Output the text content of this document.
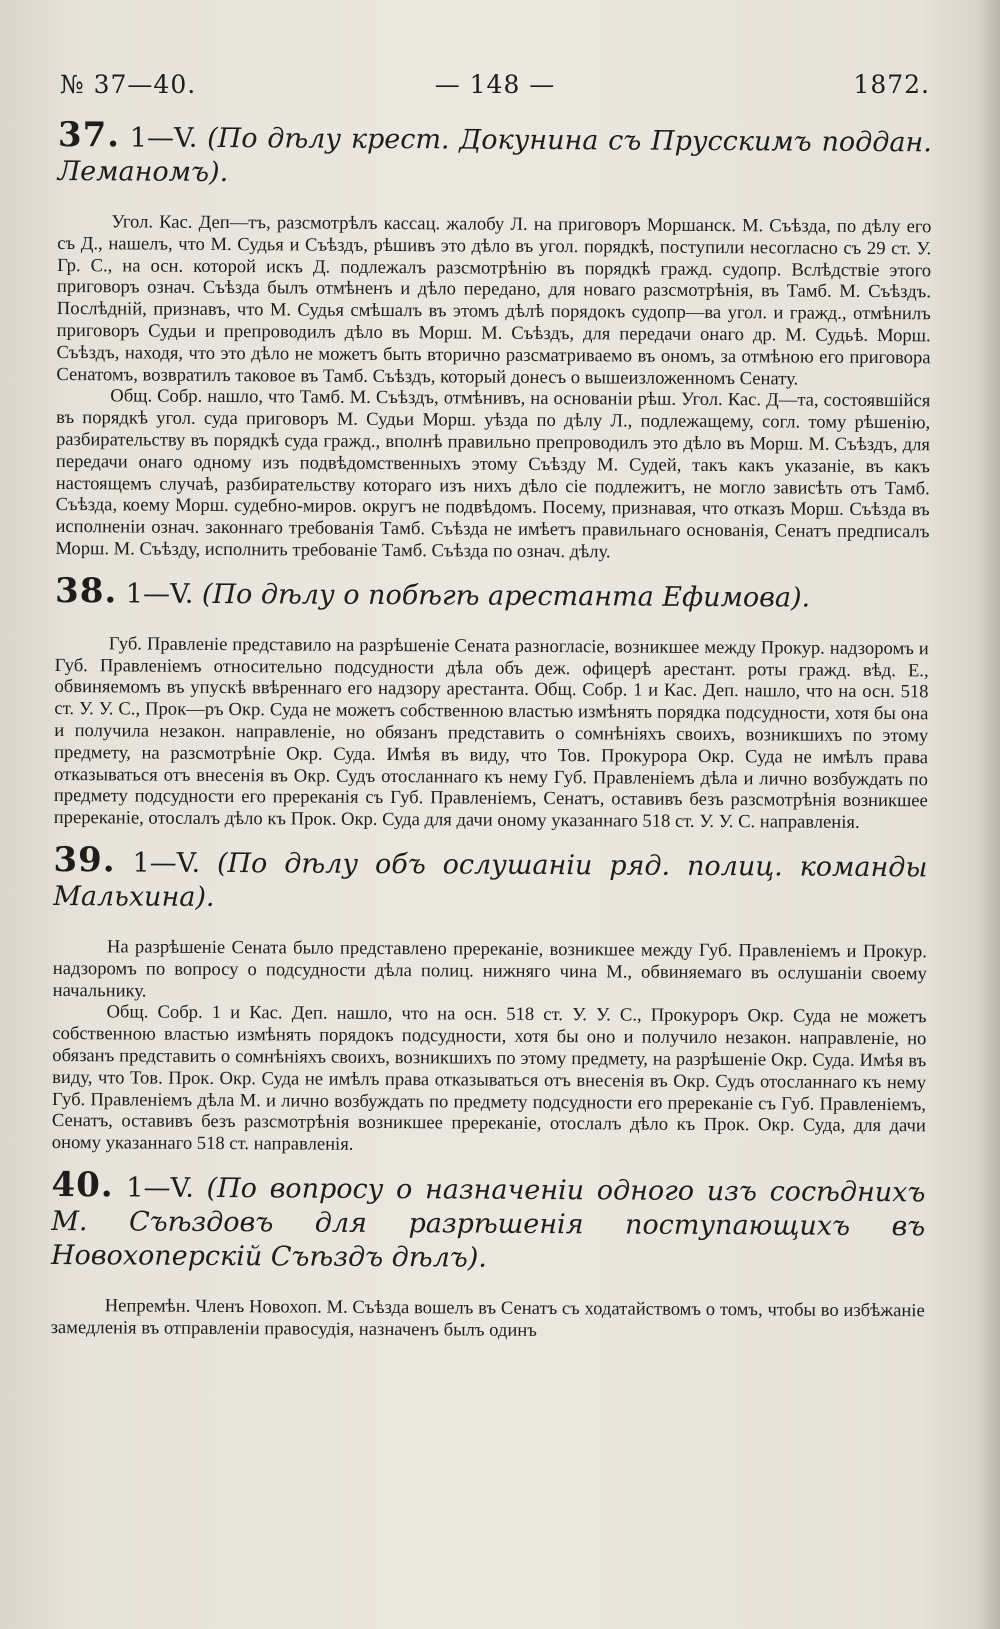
№ 37—40.	— 148 —	1872.
37. 1—V. (По дѣлу крест. Докунина съ Прусскимъ поддан. Леманомъ).

Угол. Кас. Деп—тъ, разсмотрѣлъ кассац. жалобу Л. на приговоръ Моршанск. М. Съѣзда, по дѣлу его съ Д., нашелъ, что М. Судья и Съѣздъ, рѣшивъ это дѣло въ угол. порядкѣ, поступили несогласно съ 29 ст. У. Гр. С., на осн. которой искъ Д. подлежалъ разсмотрѣнію въ порядкѣ гражд. судопр. Вслѣдствіе этого приговоръ означ. Съѣзда былъ отмѣненъ и дѣло передано, для новаго разсмотрѣнія, въ Тамб. М. Съѣздъ. Послѣдній, признавъ, что М. Судья смѣшалъ въ этомъ дѣлѣ порядокъ судопр—ва угол. и гражд., отмѣнилъ приговоръ Судьи и препроводилъ дѣло въ Морш. М. Съѣздъ, для передачи онаго др. М. Судьѣ. Морш. Съѣздъ, находя, что это дѣло не можетъ быть вторично разсматриваемо въ ономъ, за отмѣною его приговора Сенатомъ, возвратилъ таковое въ Тамб. Съѣздъ, который донесъ о вышеизложенномъ Сенату.

Общ. Собр. нашло, что Тамб. М. Съѣздъ, отмѣнивъ, на основаніи рѣш. Угол. Кас. Д—та, состоявшійся въ порядкѣ угол. суда приговоръ М. Судьи Морш. уѣзда по дѣлу Л., подлежащему, согл. тому рѣшенію, разбирательству въ порядкѣ суда гражд., вполнѣ правильно препроводилъ это дѣло въ Морш. М. Съѣздъ, для передачи онаго одному изъ подвѣдомственныхъ этому Съѣзду М. Судей, такъ какъ указаніе, въ какъ настоящемъ случаѣ, разбирательству котораго изъ нихъ дѣло сіе подлежитъ, не могло зависѣть отъ Тамб. Съѣзда, коему Морш. судебно-миров. округъ не подвѣдомъ. Посему, признавая, что отказъ Морш. Съѣзда въ исполненіи означ. законнаго требованія Тамб. Съѣзда не имѣетъ правильнаго основанія, Сенатъ предписалъ Морш. М. Съѣзду, исполнить требованіе Тамб. Съѣзда по означ. дѣлу.

38. 1—V. (По дѣлу о побѣгѣ арестанта Ефимова).

Губ. Правленіе представило на разрѣшеніе Сената разногласіе, возникшее между Прокур. надзоромъ и Губ. Правленіемъ относительно подсудности дѣла объ деж. офицерѣ арестант. роты гражд. вѣд. Е., обвиняемомъ въ упускѣ ввѣреннаго его надзору арестанта. Общ. Собр. 1 и Кас. Деп. нашло, что на осн. 518 ст. У. У. С., Прок—ръ Окр. Суда не можетъ собственною властью измѣнять порядка подсудности, хотя бы она и получила незакон. направленіе, но обязанъ представить о сомнѣніяхъ своихъ, возникшихъ по этому предмету, на разсмотрѣніе Окр. Суда. Имѣя въ виду, что Тов. Прокурора Окр. Суда не имѣлъ права отказываться отъ внесенія въ Окр. Судъ отосланнаго къ нему Губ. Правленіемъ дѣла и лично возбуждать по предмету подсудности его пререканія съ Губ. Правленіемъ, Сенатъ, оставивъ безъ разсмотрѣнія возникшее пререканіе, отослалъ дѣло къ Прок. Окр. Суда для дачи оному указаннаго 518 ст. У. У. С. направленія.

39. 1—V. (По дѣлу объ ослушаніи ряд. полиц. команды Мальхина).

На разрѣшеніе Сената было представлено пререканіе, возникшее между Губ. Правленіемъ и Прокур. надзоромъ по вопросу о подсудности дѣла полиц. нижняго чина М., обвиняемаго въ ослушаніи своему начальнику.

Общ. Собр. 1 и Кас. Деп. нашло, что на осн. 518 ст. У. У. С., Прокуроръ Окр. Суда не можетъ собственною властью измѣнять порядокъ подсудности, хотя бы оно и получило незакон. направленіе, но обязанъ представить о сомнѣніяхъ своихъ, возникшихъ по этому предмету, на разрѣшеніе Окр. Суда. Имѣя въ виду, что Тов. Прок. Окр. Суда не имѣлъ права отказываться отъ внесенія въ Окр. Судъ отосланнаго къ нему Губ. Правленіемъ дѣла М. и лично возбуждать по предмету подсудности его пререканіе съ Губ. Правленіемъ, Сенатъ, оставивъ безъ разсмотрѣнія возникшее пререканіе, отослалъ дѣло къ Прок. Окр. Суда, для дачи оному указаннаго 518 ст. направленія.

40. 1—V. (По вопросу о назначеніи одного изъ сосѣднихъ М. Съѣздовъ для разрѣшенія поступающихъ въ Новохоперскій Съѣздъ дѣлъ).

Непремѣн. Членъ Новохоп. М. Съѣзда вошелъ въ Сенатъ съ ходатайствомъ о томъ, чтобы во избѣжаніе замедленія въ отправленіи правосудія, назначенъ былъ одинъ
